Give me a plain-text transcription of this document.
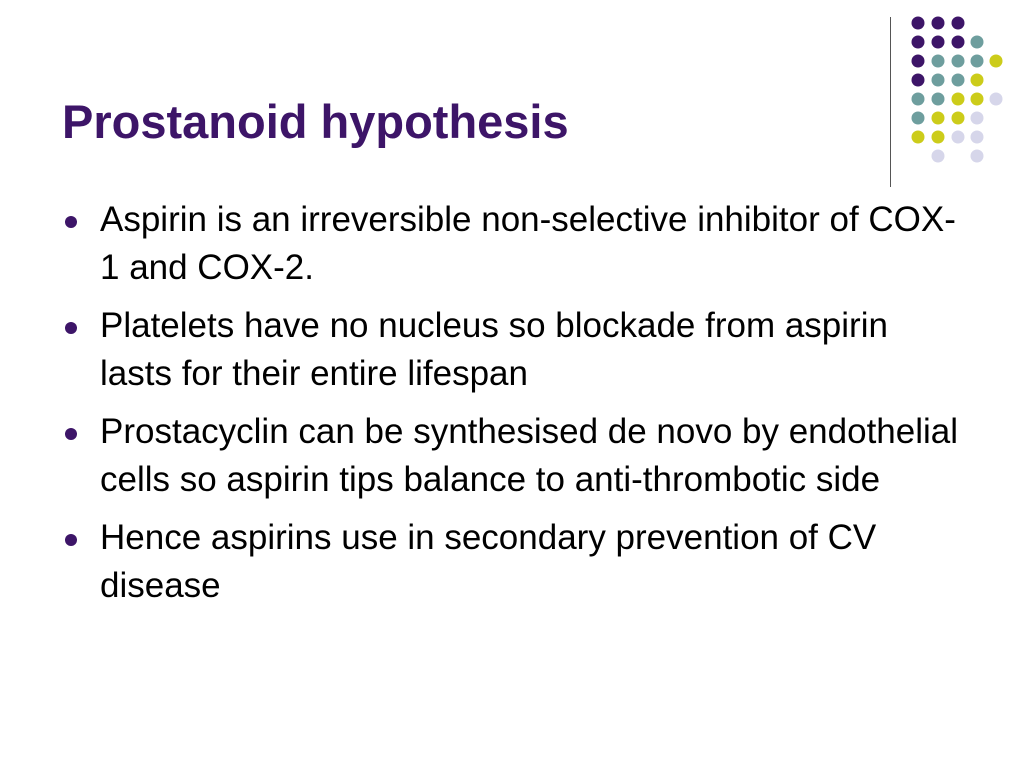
Prostanoid hypothesis
Aspirin is an irreversible non-selective inhibitor of COX-1 and COX-2.
Platelets have no nucleus so blockade from aspirin lasts for their entire lifespan
Prostacyclin can be synthesised de novo by endothelial cells so aspirin tips balance to anti-thrombotic side
Hence aspirins use in secondary prevention of CV disease
